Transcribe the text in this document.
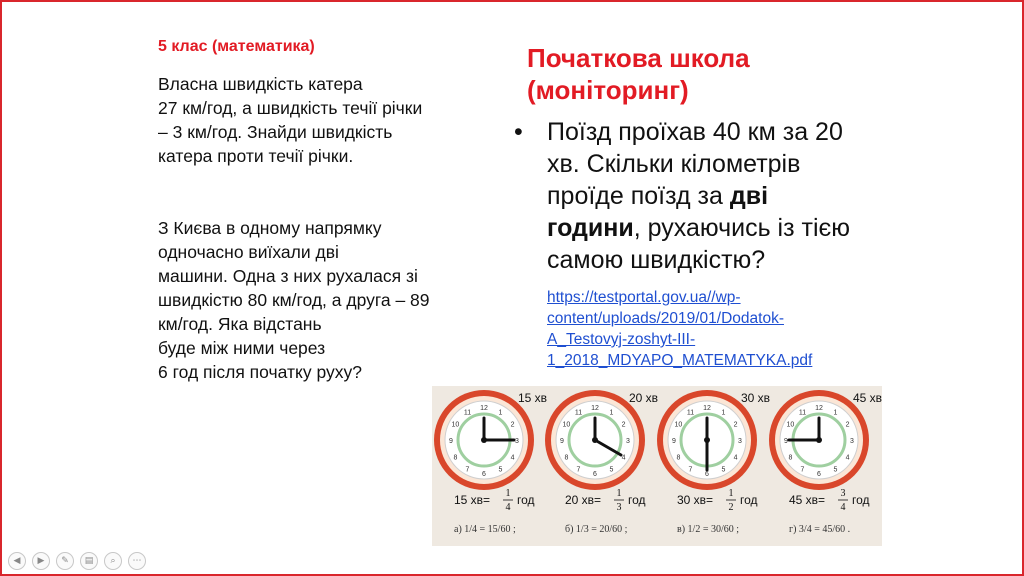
5 клас (математика)
Власна швидкість катера
27 км/год, а швидкість течії річки
– 3 км/год. Знайди швидкість
катера проти течії річки.
З Києва в одному напрямку
одночасно виїхали дві
машини. Одна з них рухалася зі
швидкістю 80 км/год, а друга – 89
км/год. Яка відстань
буде між ними через
6 год після початку руху?
Початкова школа
(моніторинг)
• Поїзд проїхав 40 км за 20
хв. Скільки кілометрів
проїде поїзд за дві
години, рухаючись із тією
самою швидкістю?
https://testportal.gov.ua//wp-
content/uploads/2019/01/Dodatok-
A_Testovyj-zoshyt-III-
1_2018_MDYAPO_MATEMATYKA.pdf
1
2
3
4
5
6
7
8
9
10
11
12
15 хв
15 хв= 1
4
год
а) 1/4 = 15/60 ;
1
2
3
4
5
6
7
8
9
10
11
12
20 хв
20 хв= 1
3
год
б) 1/3 = 20/60 ;
1
2
3
4
5
6
7
8
9
10
11
12
30 хв
30 хв= 1
2
год
в) 1/2 = 30/60 ;
1
2
3
4
5
6
7
8
9
10
11
12
45 хв
45 хв= 3
4
год
г) 3/4 = 45/60 .
◀	▶	✎	▤	⌕	⋯
